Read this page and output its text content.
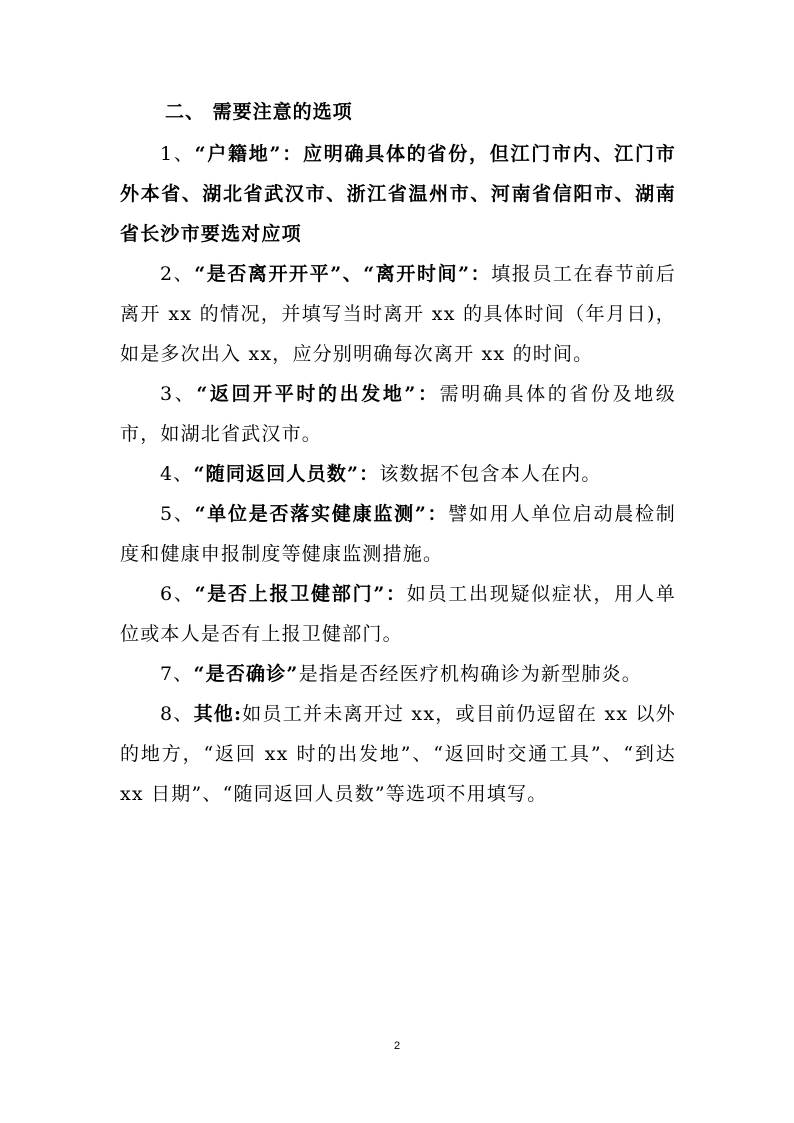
二、 需要注意的选项

1、“户籍地”：应明确具体的省份，但江门市内、江门市外本省、湖北省武汉市、浙江省温州市、河南省信阳市、湖南省长沙市要选对应项

2、“是否离开开平”、“离开时间”：填报员工在春节前后离开 xx 的情况，并填写当时离开 xx 的具体时间（年月日)，如是多次出入 xx，应分别明确每次离开 xx 的时间。

3、“返回开平时的出发地”：需明确具体的省份及地级市，如湖北省武汉市。

4、“随同返回人员数”：该数据不包含本人在内。

5、“单位是否落实健康监测”：譬如用人单位启动晨检制度和健康申报制度等健康监测措施。

6、“是否上报卫健部门”：如员工出现疑似症状，用人单位或本人是否有上报卫健部门。

7、“是否确诊”是指是否经医疗机构确诊为新型肺炎。

8、其他:如员工并未离开过 xx，或目前仍逗留在 xx 以外的地方，“返回 xx 时的出发地”、“返回时交通工具”、“到达 xx 日期”、“随同返回人员数”等选项不用填写。

2
